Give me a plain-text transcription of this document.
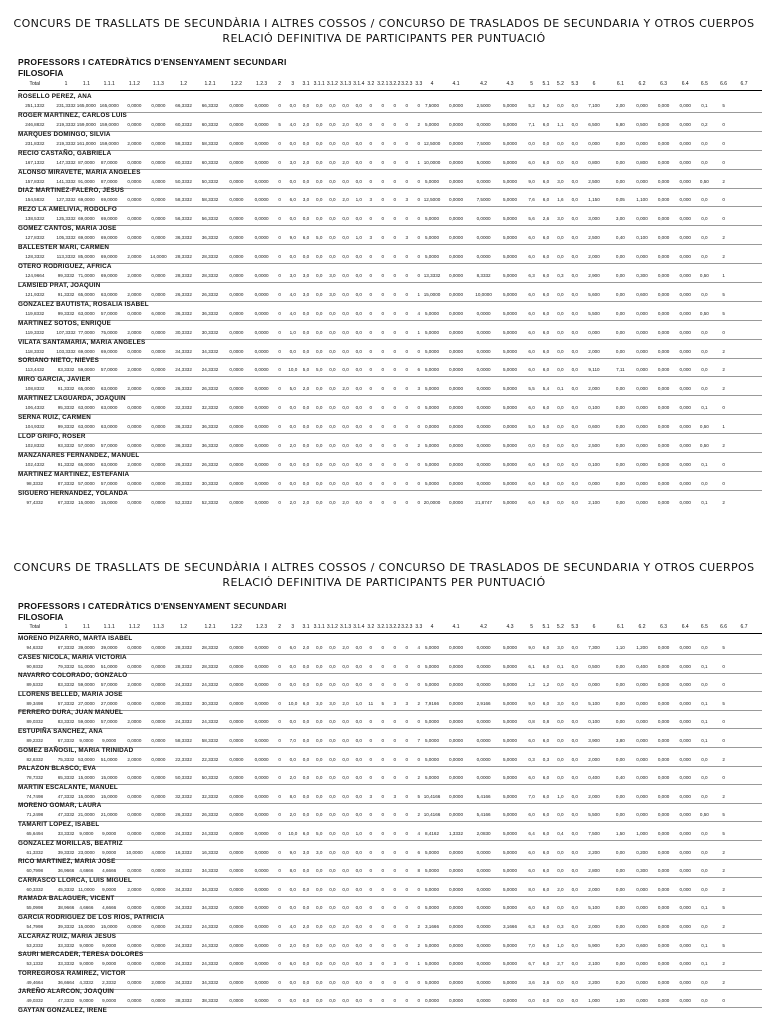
CONCURS DE TRASLLATS DE SECUNDÀRIA I ALTRES COSSOS / CONCURSO DE TRASLADOS DE SECUNDARIA Y OTROS CUERPOS
RELACIÓ DEFINITIVA DE PARTICIPANTS PER PUNTUACIÓ
PROFESSORS I CATEDRÀTICS D'ENSENYAMENT SECUNDARI
FILOSOFIA
Total	1	1.1	1.1.1	1.1.2	1.1.3	1.2	1.2.1	1.2.2	1.2.3 2 3 3.1 3.1.1 3.1.2 3.1.3 3.1.4 3.2 3.2.1 3.2.2 3.2.3 3.3 4	4.1	4.2	4.3	5 5.1 5.2 5.3	6	6.1	6.2	6.3	6.4 6.5 6.6	6.7
ROSELLO PEREZ, ANA
251,1332	231,3332 165,0000 165,0000 0,0000 0,0000 66,3332 66,3332 0,0000 0,0000 0 0,0 0,0 0,0 0,0 0,0 0,0 0 0 0 0 0 7,5000 0,0000	2,5000	5,0000 5,2 5,2 0,0 0,0 7,100	2,00 0,000 0,000 0,000 0,1	5
ROGER MARTINEZ, CARLOS LUIS
246,8832	219,3332 159,0000 159,0000 0,0000 0,0000 60,3332 60,3332 0,0000 0,0000 5 4,0 2,0 0,0 0,0 2,0 0,0 0 0 0 0 2 5,0000 0,0000	0,0000	5,0000 7,1 6,0 1,1 0,0 6,500	5,80 0,500 0,000 0,000 0,2	0
MARQUES DOMINGO, SILVIA
231,8332	219,3332 161,0000 159,0000 2,0000 0,0000 58,3332 58,3332 0,0000 0,0000 0 0,0 0,0 0,0 0,0 0,0 0,0 0 0 0 0 0 12,5000 0,0000	7,5000	5,0000 0,0 0,0 0,0 0,0 0,000	0,00 0,000 0,000 0,000 0,0	0
RECIO CASTAÑO, GABRIELA
167,1332	147,3332 87,0000 87,0000 0,0000 0,0000 60,3332 60,3332 0,0000 0,0000 0 3,0 2,0 0,0 0,0 2,0 0,0 0 0 0 0 1 10,0000 0,0000	5,0000	5,0000 6,0 6,0 0,0 0,0 0,800	0,00 0,800 0,000 0,000 0,0	0
ALONSO MIRAVETE, MARIA ANGELES
157,8332	141,3332 91,0000 87,0000 0,0000 4,0000 50,3332 50,3332 0,0000 0,0000 0 0,0 0,0 0,0 0,0 0,0 0,0 0 0 0 0 0 5,0000 0,0000	0,0000	5,0000 9,0 6,0 3,0 0,0 2,500	0,00 0,000 0,000 0,000 0,50	2
DIAZ MARTINEZ-FALERO, JESUS
154,5832	127,3332 69,0000 69,0000 0,0000 0,0000 58,3332 58,3332 0,0000 0,0000 0 6,0 3,0 0,0 0,0 2,0 1,0 3 0 0 3 0 12,5000 0,0000	7,5000	5,0000 7,6 6,0 1,6 0,0 1,150	0,05 1,100 0,000 0,000 0,0	0
REZO LA AMELIVIA, RODOLFO
138,5332	125,3332 69,0000 69,0000 0,0000 0,0000 56,3332 56,3332 0,0000 0,0000 0 0,0 0,0 0,0 0,0 0,0 0,0 0 0 0 0 0 5,0000 0,0000	0,0000	5,0000 5,6 2,6 3,0 0,0 3,000	3,00 0,000 0,000 0,000 0,0	0
GOMEZ CANTOS, MARIA JOSE
127,8332	105,3332 69,0000 69,0000 0,0000 0,0000 36,3332 36,3332 0,0000 0,0000 0 9,0 6,0 5,0 0,0 0,0 1,0 3 0 0 3 0 5,0000 0,0000	0,0000	5,0000 6,0 6,0 0,0 0,0 2,500	0,40 0,100 0,000 0,000 0,0	2
BALLESTER MARI, CARMEN
128,3332	113,3332 85,0000 69,0000 2,0000 14,0000 28,3332 28,3332 0,0000 0,0000 0 0,0 0,0 0,0 0,0 0,0 0,0 0 0 0 0 0 5,0000 0,0000	0,0000	5,0000 6,0 6,0 0,0 0,0 2,000	0,00 0,000 0,000 0,000 0,0	2
OTERO RODRIGUEZ, AFRICA
124,9664	99,3332 71,0000 69,0000 2,0000 0,0000 28,3332 28,3332 0,0000 0,0000 0 3,0 3,0 0,0 3,0 0,0 0,0 0 0 0 0 0 13,3332 0,0000	8,3332	5,0000 6,3 6,0 0,3 0,0 2,900	0,00 0,300 0,000 0,000 0,50	1
LAMSIED PRAT, JOAQUIN
121,9332	91,3332 65,0000 63,0000 2,0000 0,0000 26,3332 26,3332 0,0000 0,0000 0 4,0 3,0 0,0 3,0 0,0 0,0 0 0 0 0 1 15,0000 0,0000	10,0000 5,0000 6,0 6,0 0,0 0,0 5,600	0,00 0,600 0,000 0,000 0,0	5
GONZALEZ BAUTISTA, ROSALIA ISABEL
119,8332	99,3332 63,0000 57,0000 0,0000 6,0000 36,3332 36,3332 0,0000 0,0000 0 4,0 0,0 0,0 0,0 0,0 0,0 0 0 0 0 4 5,0000 0,0000	0,0000	5,0000 6,0 6,0 0,0 0,0 5,500	0,00 0,000 0,000 0,000 0,50	5
MARTINEZ SOTOS, ENRIQUE
119,3332	107,3332 77,0000 75,0000 2,0000 0,0000 30,3332 30,3332 0,0000 0,0000 0 1,0 0,0 0,0 0,0 0,0 0,0 0 0 0 0 1 5,0000 0,0000	0,0000	5,0000 6,0 6,0 0,0 0,0 0,000	0,00 0,000 0,000 0,000 0,0	0
VILATA SANTAMARIA, MARIA ANGELES
118,3332	103,3332 69,0000 69,0000 0,0000 0,0000 34,3332 34,3332 0,0000 0,0000 0 0,0 0,0 0,0 0,0 0,0 0,0 0 0 0 0 0 5,0000 0,0000	0,0000	5,0000 6,0 6,0 0,0 0,0 2,000	0,00 0,000 0,000 0,000 0,0	2
SORIANO NIETO, NIEVES
113,4432	83,3332 59,0000 57,0000 2,0000 0,0000 24,3332 24,3332 0,0000 0,0000 0 10,0 5,0 5,0 0,0 0,0 0,0 0 0 0 0 6 5,0000 0,0000	0,0000	5,0000 6,0 6,0 0,0 0,0 9,110	7,11	0,000 0,000 0,000 0,0	2
MIRO GARCIA, JAVIER
108,8332	91,3332 65,0000 63,0000 2,0000 0,0000 26,3332 26,3332 0,0000 0,0000 0 5,0 2,0 0,0 0,0 2,0 0,0 0 0 0 0 3 5,0000 0,0000	0,0000	5,0000 5,5 5,4 0,1 0,0 2,000	0,00 0,000 0,000 0,000 0,0	2
MARTINEZ LAGUARDA, JOAQUIN
106,4332	95,3332 63,0000 63,0000 0,0000 0,0000 32,3332 32,3332 0,0000 0,0000 0 0,0 0,0 0,0 0,0 0,0 0,0 0 0 0 0 0 5,0000 0,0000	0,0000	5,0000 6,0 6,0 0,0 0,0 0,100	0,00 0,000 0,000 0,000 0,1	0
SERNA RUIZ, CARMEN
104,9332	99,3332 63,0000 63,0000 0,0000 0,0000 36,3332 36,3332 0,0000 0,0000 0 0,0 0,0 0,0 0,0 0,0 0,0 0 0 0 0 0 0,0000 0,0000	0,0000	0,0000 5,0 5,0 0,0 0,0 0,600	0,00 0,000 0,000 0,000 0,50	1
LLOP GRIFO, ROSER
102,8332	93,3332 57,0000 57,0000 0,0000 0,0000 36,3332 36,3332 0,0000 0,0000 0 2,0 0,0 0,0 0,0 0,0 0,0 0 0 0 0 2 5,0000 0,0000	0,0000	5,0000 0,0 0,0 0,0 0,0 2,500	0,00 0,000 0,000 0,000 0,50	2
MANZANARES FERNANDEZ, MANUEL
102,4332	91,3332 65,0000 63,0000 2,0000 0,0000 26,3332 26,3332 0,0000 0,0000 0 0,0 0,0 0,0 0,0 0,0 0,0 0 0 0 0 0 5,0000 0,0000	0,0000	5,0000 6,0 6,0 0,0 0,0 0,100	0,00 0,000 0,000 0,000 0,1	0
MARTINEZ MARTINEZ, ESTEFANIA
98,3332	87,3332 57,0000 57,0000 0,0000 0,0000 30,3332 30,3332 0,0000 0,0000 0 0,0 0,0 0,0 0,0 0,0 0,0 0 0 0 0 0 5,0000 0,0000	0,0000	5,0000 6,0 6,0 0,0 0,0 0,000	0,00 0,000 0,000 0,000 0,0	0
SIGUERO HERNANDEZ, YOLANDA
97,4332	67,3332 15,0000 15,0000 0,0000 0,0000 52,3332 52,3332 0,0000 0,0000 0 2,0 2,0 0,0 0,0 2,0 0,0 0 0 0 0 0 20,0000 0,0000	21,8747 5,0000 6,0 6,0 0,0 0,0 2,100	0,00 0,000 0,000 0,000 0,1	2
CONCURS DE TRASLLATS DE SECUNDÀRIA I ALTRES COSSOS / CONCURSO DE TRASLADOS DE SECUNDARIA Y OTROS CUERPOS
RELACIÓ DEFINITIVA DE PARTICIPANTS PER PUNTUACIÓ
PROFESSORS I CATEDRÀTICS D'ENSENYAMENT SECUNDARI
FILOSOFIA
Total	1	1.1	1.1.1	1.1.2	1.1.3	1.2	1.2.1	1.2.2	1.2.3 2 3 3.1 3.1.1 3.1.2 3.1.3 3.1.4 3.2 3.2.1 3.2.2 3.2.3 3.3 4	4.1	4.2	4.3	5 5.1 5.2 5.3	6	6.1	6.2	6.3	6.4 6.5 6.6	6.7
MORENO PIZARRO, MARTA ISABEL
94,6332	67,3332 39,0000 39,0000 0,0000 0,0000 28,3332 28,3332 0,0000 0,0000 0 6,0 2,0 0,0 0,0 2,0 0,0 0 0 0 0 4 5,0000 0,0000	0,0000	5,0000 9,0 6,0 3,0 0,0 7,300	1,10 1,200 0,000 0,000 0,0	5
CASES NICOLA, MARIA VICTORIA
90,9332	79,3332 51,0000 51,0000 0,0000 0,0000 28,3332 28,3332 0,0000 0,0000 0 0,0 0,0 0,0 0,0 0,0 0,0 0 0 0 0 0 5,0000 0,0000	0,0000	5,0000 6,1 6,0 0,1 0,0 0,500	0,00 0,400 0,000 0,000 0,1	0
NAVARRO COLORADO, GONZALO
89,5332	83,3332 59,0000 57,0000 2,0000 0,0000 24,3332 24,3332 0,0000 0,0000 0 0,0 0,0 0,0 0,0 0,0 0,0 0 0 0 0 0 5,0000 0,0000	0,0000	5,0000 1,2 1,2 0,0 0,0 0,000	0,00 0,000 0,000 0,000 0,0	0
LLORENS BELLED, MARIA JOSE
89,3498	57,3332 27,0000 27,0000 0,0000 0,0000 30,3332 30,3332 0,0000 0,0000 0 10,0 6,0 3,0 3,0 2,0 1,0 11 5 3 3 2 7,9166 0,0000	2,9166	5,0000 9,0 6,0 3,0 0,0 5,100	0,00 0,000 0,000 0,000 0,1	5
FERRERO DURA, JUAN MANUEL
89,0332	83,3332 59,0000 57,0000 2,0000 0,0000 24,3332 24,3332 0,0000 0,0000 0 0,0 0,0 0,0 0,0 0,0 0,0 0 0 0 0 0 5,0000 0,0000	0,0000	5,0000 0,8 0,8 0,0 0,0 0,100	0,00 0,000 0,000 0,000 0,1	0
ESTUPIÑA SANCHEZ, ANA
89,2332	67,3332 9,0000 9,0000 0,0000 0,0000 58,3332 58,3332 0,0000 0,0000 0 7,0 0,0 0,0 0,0 0,0 0,0 0 0 0 0 7 5,0000 0,0000	0,0000	5,0000 6,0 6,0 0,0 0,0 3,900	3,80 0,000 0,000 0,000 0,1	0
GOMEZ BAÑOGIL, MARIA TRINIDAD
82,6332	75,3332 53,0000 51,0000 2,0000 0,0000 22,3332 22,3332 0,0000 0,0000 0 0,0 0,0 0,0 0,0 0,0 0,0 0 0 0 0 0 5,0000 0,0000	0,0000	5,0000 0,3 0,3 0,0 0,0 2,000	0,00 0,000 0,000 0,000 0,0	2
PALAZON BLASCO, EVA
78,7332	65,3332 15,0000 15,0000 0,0000 0,0000 50,3332 50,3332 0,0000 0,0000 0 2,0 0,0 0,0 0,0 0,0 0,0 0 0 0 0 2 5,0000 0,0000	0,0000	5,0000 6,0 6,0 0,0 0,0 0,400	0,40 0,000 0,000 0,000 0,0	0
MARTIN ESCALANTE, MANUEL
74,7498	47,3332 15,0000 15,0000 0,0000 0,0000 32,3332 32,3332 0,0000 0,0000 0 8,0 0,0 0,0 0,0 0,0 0,0 3 0 3 0 5 10,4166 0,0000	5,4166	5,0000 7,0 6,0 1,0 0,0 2,000	0,00 0,000 0,000 0,000 0,0	2
MORENO GOMAR, LAURA
71,2498	47,3332 21,0000 21,0000 0,0000 0,0000 26,3332 26,3332 0,0000 0,0000 0 2,0 0,0 0,0 0,0 0,0 0,0 0 0 0 0 2 10,4166 0,0000	5,4166	5,0000 6,0 6,0 0,0 0,0 5,500	0,00 0,000 0,000 0,000 0,50	5
TAMARIT LOPEZ, ISABEL
65,6494	33,3332 9,0000 9,0000 0,0000 0,0000 24,3332 24,3332 0,0000 0,0000 0 10,0 6,0 5,0 0,0 0,0 1,0 0 0 0 0 4 8,4162 1,3332	2,0830	5,0000 6,4 6,0 0,4 0,0 7,500	1,50 1,000 0,000 0,000 0,0	5
GONZALEZ MORILLAS, BEATRIZ
61,3332	39,3332 23,0000 9,0000 10,0000 4,0000 16,3332 16,3332 0,0000 0,0000 0 9,0 3,0 3,0 0,0 0,0 0,0 0 0 0 0 6 5,0000 0,0000	0,0000	5,0000 6,0 6,0 0,0 0,0 2,200	0,00 0,200 0,000 0,000 0,0	2
RICO MARTINEZ, MARIA JOSE
60,7998	36,9666 4,6666 4,6666 0,0000 0,0000 34,3332 34,3332 0,0000 0,0000 0 8,0 0,0 0,0 0,0 0,0 0,0 0 0 0 0 8 5,0000 0,0000	0,0000	5,0000 6,0 6,0 0,0 0,0 2,800	0,00 0,300 0,000 0,000 0,0	2
CARRASCO LLORCA, LUIS MIGUEL
60,3332	45,3332 11,0000 9,0000 2,0000 0,0000 34,3332 34,3332 0,0000 0,0000 0 0,0 0,0 0,0 0,0 0,0 0,0 0 0 0 0 0 5,0000 0,0000	0,0000	5,0000 8,0 6,0 2,0 0,0 2,000	0,00 0,000 0,000 0,000 0,0	2
RAMADA BALAGUER, VICENT
55,0998	38,9666 4,6666 4,6666 0,0000 0,0000 34,3332 34,3332 0,0000 0,0000 0 0,0 0,0 0,0 0,0 0,0 0,0 0 0 0 0 0 5,0000 0,0000	0,0000	5,0000 6,0 6,0 0,0 0,0 5,100	0,00 0,000 0,000 0,000 0,1	5
GARCIA RODRIGUEZ DE LOS RIOS, PATRICIA
54,7998	39,3332 15,0000 15,0000 0,0000 0,0000 24,3332 24,3332 0,0000 0,0000 0 4,0 2,0 0,0 0,0 2,0 0,0 0 0 0 0 2 3,1666 0,0000	0,0000	3,1666 6,3 6,0 0,3 0,0 2,000	0,00 0,000 0,000 0,000 0,0	2
ALCARAZ RUIZ, MARIA JESUS
53,2332	33,3332 9,0000 9,0000 0,0000 0,0000 24,3332 24,3332 0,0000 0,0000 0 2,0 0,0 0,0 0,0 0,0 0,0 0 0 0 0 2 5,0000 0,0000	0,0000	5,0000 7,0 6,0 1,0 0,0 5,900	0,20 0,600 0,000 0,000 0,1	5
SAURI MERCADER, TERESA DOLORES
53,1332	33,3332 9,0000 9,0000 0,0000 0,0000 24,3332 24,3332 0,0000 0,0000 0 6,0 0,0 0,0 0,0 0,0 0,0 3 0 3 0 1 5,0000 0,0000	0,0000	5,0000 6,7 6,0 2,7 0,0 2,100	0,00 0,000 0,000 0,000 0,1	2
TORREGROSA RAMIREZ, VICTOR
49,4664	36,6664 4,3332 2,3332 0,0000 2,0000 34,3332 34,3332 0,0000 0,0000 0 0,0 0,0 0,0 0,0 0,0 0,0 0 0 0 0 0 5,0000 0,0000	0,0000	5,0000 3,6 3,6 0,0 0,0 2,200	0,20 0,000 0,000 0,000 0,0	2
JAREÑO ALARCON, JOAQUIN
49,0332	47,3332 9,0000 9,0000 0,0000 0,0000 38,3332 38,3332 0,0000 0,0000 0 0,0 0,0 0,0 0,0 0,0 0,0 0 0 0 0 0 0,0000 0,0000	0,0000	0,0000 0,0 0,0 0,0 0,0 1,000	1,00 0,000 0,000 0,000 0,0	0
GAYTAN GONZALEZ, IRENE
